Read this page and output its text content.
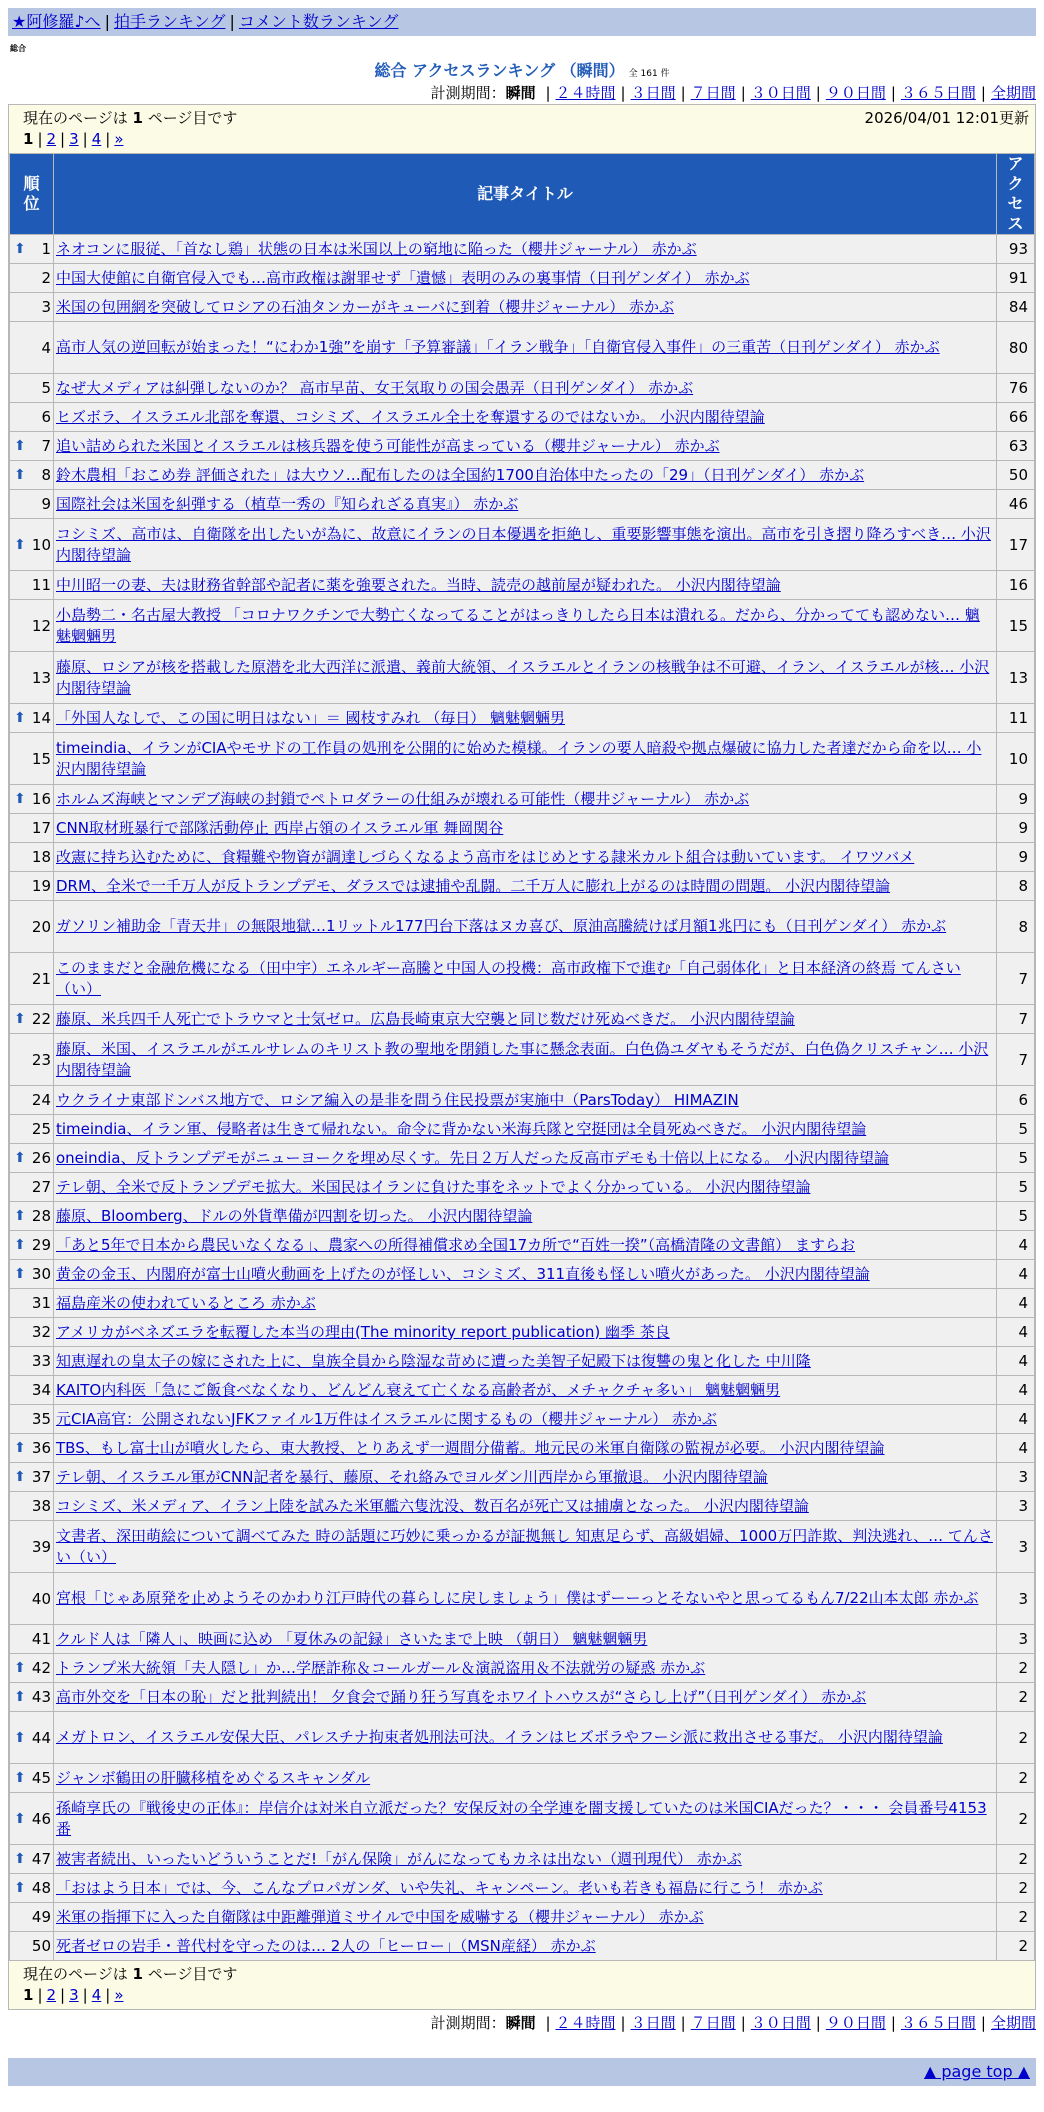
★阿修羅♪へ | 拍手ランキング | コメント数ランキング
総合
総合 アクセスランキング （瞬間） 全 161 件
計測期間：瞬間 | ２４時間 | ３日間 | ７日間 | ３０日間 | ９０日間 | ３６５日間 | 全期間
現在のページは 1 ページ目です	2026/04/01 12:01更新
1 | 2 | 3 | 4 | »
順位	記事タイトル	アクセス

⬆ 1	ネオコンに服従、「首なし鶏」状態の日本は米国以上の窮地に陥った（櫻井ジャーナル） 赤かぶ	93
2	中国大使館に自衛官侵入でも…高市政権は謝罪せず「遺憾」表明のみの裏事情（日刊ゲンダイ） 赤かぶ	91
3	米国の包囲網を突破してロシアの石油タンカーがキューバに到着（櫻井ジャーナル） 赤かぶ	84
4	高市人気の逆回転が始まった！“にわか1強”を崩す「予算審議」「イラン戦争」「自衛官侵入事件」の三重苦（日刊ゲンダイ） 赤かぶ	80
5	なぜ大メディアは糾弾しないのか？ 高市早苗、女王気取りの国会愚弄（日刊ゲンダイ） 赤かぶ	76
6	ヒズボラ、イスラエル北部を奪還、コシミズ、イスラエル全土を奪還するのではないか。 小沢内閣待望論	66

⬆ 7	追い詰められた米国とイスラエルは核兵器を使う可能性が高まっている（櫻井ジャーナル） 赤かぶ	63

⬆ 8	鈴木農相「おこめ券 評価された」は大ウソ…配布したのは全国約1700自治体中たったの「29」（日刊ゲンダイ） 赤かぶ	50
9	国際社会は米国を糾弾する（植草一秀の『知られざる真実』） 赤かぶ	46

⬆ 10	コシミズ、高市は、自衛隊を出したいが為に、故意にイランの日本優遇を拒絶し、重要影響事態を演出。高市を引き摺り降ろすべき… 小沢内閣待望論	17
11	中川昭一の妻、夫は財務省幹部や記者に薬を強要された。当時、読売の越前屋が疑われた。 小沢内閣待望論	16
12	小島勢二・名古屋大教授 「コロナワクチンで大勢亡くなってることがはっきりしたら日本は潰れる。だから、分かってても認めない… 魑魅魍魎男	15
13	藤原、ロシアが核を搭載した原潜を北大西洋に派遣、義前大統領、イスラエルとイランの核戦争は不可避、イラン、イスラエルが核… 小沢内閣待望論	13

⬆ 14	「外国人なしで、この国に明日はない」＝ 國枝すみれ （毎日） 魑魅魍魎男	11
15	timeindia、イランがCIAやモサドの工作員の処刑を公開的に始めた模様。イランの要人暗殺や拠点爆破に協力した者達だから命を以… 小沢内閣待望論	10

⬆ 16	ホルムズ海峡とマンデブ海峡の封鎖でペトロダラーの仕組みが壊れる可能性（櫻井ジャーナル） 赤かぶ	9
17	CNN取材班暴行で部隊活動停止 西岸占領のイスラエル軍 舞岡関谷	9
18	改憲に持ち込むために、食糧難や物資が調達しづらくなるよう高市をはじめとする隷米カルト組合は動いています。 イワツバメ	9
19	DRM、全米で一千万人が反トランプデモ、ダラスでは逮捕や乱闘。二千万人に膨れ上がるのは時間の問題。 小沢内閣待望論	8
20	ガソリン補助金「青天井」の無限地獄…1リットル177円台下落はヌカ喜び、原油高騰続けば月額1兆円にも（日刊ゲンダイ） 赤かぶ	8
21	このままだと金融危機になる（田中宇）エネルギー高騰と中国人の投機：高市政権下で進む「自己弱体化」と日本経済の終焉 てんさい（い）	7

⬆ 22	藤原、米兵四千人死亡でトラウマと士気ゼロ。広島長崎東京大空襲と同じ数だけ死ぬべきだ。 小沢内閣待望論	7
23	藤原、米国、イスラエルがエルサレムのキリスト教の聖地を閉鎖した事に懸念表面。白色偽ユダヤもそうだが、白色偽クリスチャン… 小沢内閣待望論	7
24	ウクライナ東部ドンバス地方で、ロシア編入の是非を問う住民投票が実施中（ParsToday） HIMAZIN	6
25	timeindia、イラン軍、侵略者は生きて帰れない。命令に背かない米海兵隊と空挺団は全員死ぬべきだ。 小沢内閣待望論	5

⬆ 26	oneindia、反トランプデモがニューヨークを埋め尽くす。先日２万人だった反高市デモも十倍以上になる。 小沢内閣待望論	5
27	テレ朝、全米で反トランプデモ拡大。米国民はイランに負けた事をネットでよく分かっている。 小沢内閣待望論	5

⬆ 28	藤原、Bloomberg、ドルの外貨準備が四割を切った。 小沢内閣待望論	5

⬆ 29	「あと5年で日本から農民いなくなる」、農家への所得補償求め全国17カ所で“百姓一揆”（高橋清隆の文書館） ますらお	4

⬆ 30	黄金の金玉、内閣府が富士山噴火動画を上げたのが怪しい、コシミズ、311直後も怪しい噴火があった。 小沢内閣待望論	4
31	福島産米の使われているところ 赤かぶ	4
32	アメリカがベネズエラを転覆した本当の理由(The minority report publication) 幽季 茶良	4
33	知恵遅れの皇太子の嫁にされた上に、皇族全員から陰湿な苛めに遭った美智子妃殿下は復讐の鬼と化した 中川隆	4
34	KAITO内科医「急にご飯食べなくなり、どんどん衰えて亡くなる高齢者が、メチャクチャ多い」 魑魅魍魎男	4
35	元CIA高官：公開されないJFKファイル1万件はイスラエルに関するもの（櫻井ジャーナル） 赤かぶ	4

⬆ 36	TBS、もし富士山が噴火したら、東大教授、とりあえず一週間分備蓄。地元民の米軍自衛隊の監視が必要。 小沢内閣待望論	4

⬆ 37	テレ朝、イスラエル軍がCNN記者を暴行、藤原、それ絡みでヨルダン川西岸から軍撤退。 小沢内閣待望論	3
38	コシミズ、米メディア、イラン上陸を試みた米軍艦六隻沈没、数百名が死亡又は捕虜となった。 小沢内閣待望論	3
39	文書者、深田萌絵について調べてみた 時の話題に巧妙に乗っかるが証拠無し 知恵足らず、高級娼婦、1000万円詐欺、判決逃れ、… てんさい（い）	3
40	宮根「じゃあ原発を止めようそのかわり江戸時代の暮らしに戻しましょう」僕はずーーっとそないやと思ってるもん7/22山本太郎 赤かぶ	3
41	クルド人は「隣人」、映画に込め 「夏休みの記録」さいたまで上映 （朝日） 魑魅魍魎男	3

⬆ 42	トランプ米大統領「夫人隠し」か…学歴詐称＆コールガール＆演説盗用＆不法就労の疑惑 赤かぶ	2

⬆ 43	高市外交を「日本の恥」だと批判続出！ 夕食会で踊り狂う写真をホワイトハウスが“さらし上げ”（日刊ゲンダイ） 赤かぶ	2

⬆ 44	メガトロン、イスラエル安保大臣、パレスチナ拘束者処刑法可決。イランはヒズボラやフーシ派に救出させる事だ。 小沢内閣待望論	2

⬆ 45	ジャンボ鶴田の肝臓移植をめぐるスキャンダル	2

⬆ 46	孫崎享氏の『戦後史の正体』：岸信介は対米自立派だった？安保反対の全学連を闇支援していたのは米国CIAだった？・・・ 会員番号4153番	2

⬆ 47	被害者続出、いったいどういうことだ!「がん保険」がんになってもカネは出ない（週刊現代） 赤かぶ	2

⬆ 48	「おはよう日本」では、今、こんなプロパガンダ、いや失礼、キャンペーン。老いも若きも福島に行こう！ 赤かぶ	2
49	米軍の指揮下に入った自衛隊は中距離弾道ミサイルで中国を威嚇する（櫻井ジャーナル） 赤かぶ	2
50	死者ゼロの岩手・普代村を守ったのは… 2人の「ヒーロー」（MSN産経） 赤かぶ	2
現在のページは 1 ページ目です
1 | 2 | 3 | 4 | »
計測期間：瞬間 | ２４時間 | ３日間 | ７日間 | ３０日間 | ９０日間 | ３６５日間 | 全期間
▲ page top ▲
